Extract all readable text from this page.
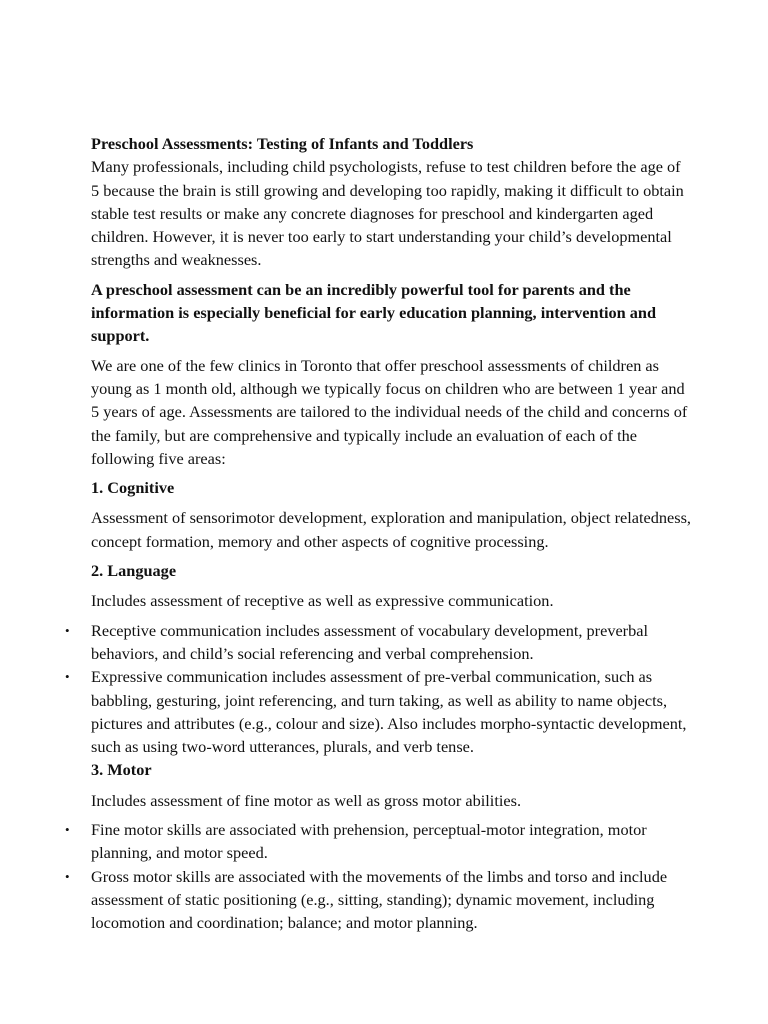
Preschool Assessments: Testing of Infants and Toddlers

Many professionals, including child psychologists, refuse to test children before the age of 5 because the brain is still growing and developing too rapidly, making it difficult to obtain stable test results or make any concrete diagnoses for preschool and kindergarten aged children. However, it is never too early to start understanding your child’s developmental strengths and weaknesses.

A preschool assessment can be an incredibly powerful tool for parents and the information is especially beneficial for early education planning, intervention and support.

We are one of the few clinics in Toronto that offer preschool assessments of children as young as 1 month old, although we typically focus on children who are between 1 year and 5 years of age. Assessments are tailored to the individual needs of the child and concerns of the family, but are comprehensive and typically include an evaluation of each of the following five areas:

1. Cognitive

Assessment of sensorimotor development, exploration and manipulation, object relatedness, concept formation, memory and other aspects of cognitive processing.

2. Language

Includes assessment of receptive as well as expressive communication.

• Receptive communication includes assessment of vocabulary development, preverbal behaviors, and child’s social referencing and verbal comprehension.
• Expressive communication includes assessment of pre-verbal communication, such as babbling, gesturing, joint referencing, and turn taking, as well as ability to name objects, pictures and attributes (e.g., colour and size). Also includes morpho-syntactic development, such as using two-word utterances, plurals, and verb tense.

3. Motor

Includes assessment of fine motor as well as gross motor abilities.

• Fine motor skills are associated with prehension, perceptual-motor integration, motor planning, and motor speed.
• Gross motor skills are associated with the movements of the limbs and torso and include assessment of static positioning (e.g., sitting, standing); dynamic movement, including locomotion and coordination; balance; and motor planning.
